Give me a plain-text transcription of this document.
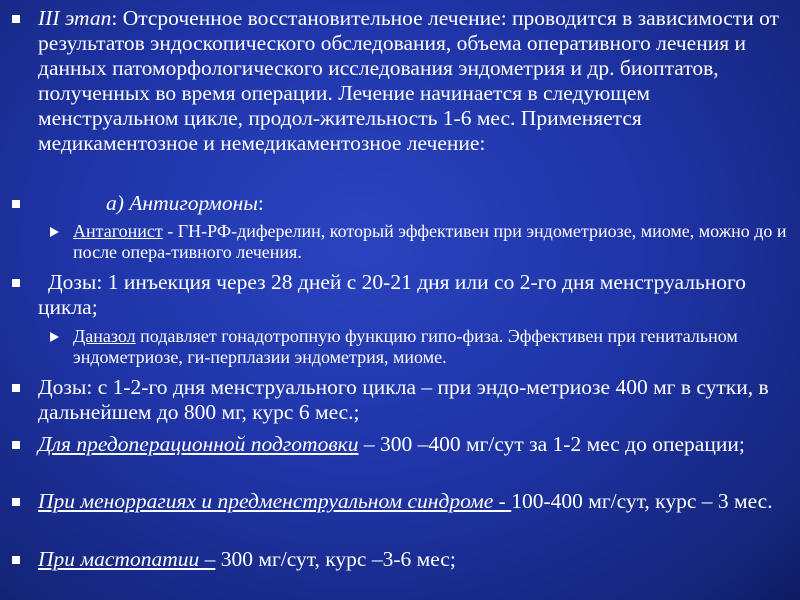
III этап: Отсроченное восстановительное лечение: проводится в зависимости от результатов эндоскопического обследования, объема оперативного лечения и данных патоморфологического исследования эндометрия и др. биоптатов, полученных во время операции. Лечение начинается в следующем менструальном цикле, продол-жительность 1-6 мес. Применяется медикаментозное и немедикаментозное лечение:
а) Антигормоны:
Антагонист - ГН-РФ-диферелин, который эффективен при эндометриозе, миоме, можно до и после опера-тивного лечения.
Дозы: 1 инъекция через 28 дней с 20-21 дня или со 2-го дня менструального цикла;
Даназол подавляет гонадотропную функцию гипо-физа. Эффективен при генитальном эндометриозе, ги-перплазии эндометрия, миоме.
Дозы: с 1-2-го дня менструального цикла – при эндо-метриозе 400 мг в сутки, в дальнейшем до 800 мг, курс 6 мес.;
Для предоперационной подготовки – 300 –400 мг/сут за 1-2 мес до операции;
При меноррагиях и предменструальном синдроме - 100-400 мг/сут, курс – 3 мес.
При мастопатии – 300 мг/сут, курс –3-6 мес;
